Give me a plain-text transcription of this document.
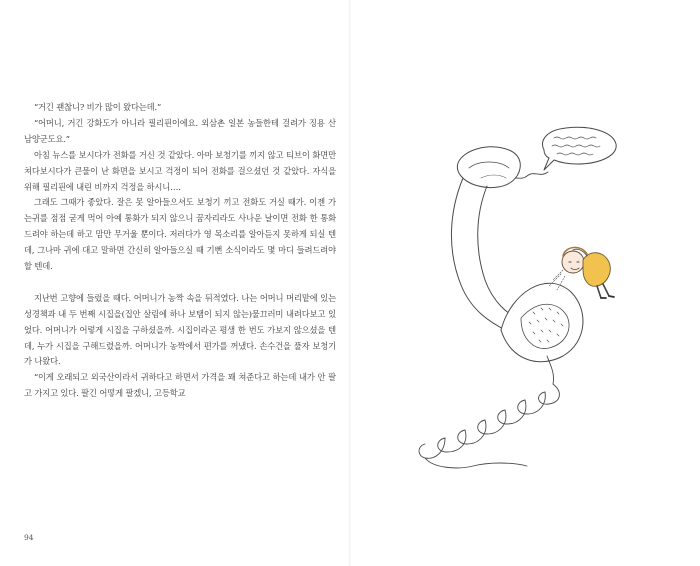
“거긴 괜찮니? 비가 많이 왔다는데.”

“어머니, 거긴 강화도가 아니라 필리핀이에요. 외삼촌 일본 농들한테 걸려가 징용 산 남양군도요.”

아침 뉴스를 보시다가 전화를 거신 것 같았다. 아마 보청기를 끼지 않고 티브이 화면만 쳐다보시다가 큰물이 난 화면을 보시고 걱정이 되어 전화를 걸으셨던 것 같았다. 자식을 위해 필리핀에 내린 비까지 걱정을 하시니….

그래도 그때가 좋았다. 잘은 못 알아들으셔도 보청기 끼고 전화도 거실 때가. 이젠 가는귀를 점점 굳게 먹어 아예 통화가 되지 않으니 꿈자리라도 사나운 날이면 전화 한 통화 드려야 하는데 하고 맘만 무거울 뿐이다. 저러다가 영 목소리를 알아듣지 못하게 되실 텐데, 그나마 귀에 대고 말하면 간신히 알아들으실 때 기뻔 소식이라도 몇 마디 들려드려야 할 텐데.

지난번 고향에 들렀을 때다. 어머니가 농짝 속을 뒤적였다. 나는 어머니 머리맡에 있는 성경책과 내 두 번째 시집을(집안 살림에 하나 보탬이 되지 않는)물끄러미 내려다보고 있었다. 어머니가 어렇게 시집을 구하셨을까. 시집이라곤 평생 한 번도 가보지 않으셨을 텐데, 누가 시집을 구해드렸을까. 어머니가 농짝에서 편가를 꺼냈다. 손수건을 풀자 보청기가 나왔다.

“이게 오래되고 외국산이라서 귀하다고 하면서 가격을 꽤 쳐준다고 하는데 내가 안 팔고 가지고 있다. 팔긴 어떻게 팔겠니, 고등학교

94
